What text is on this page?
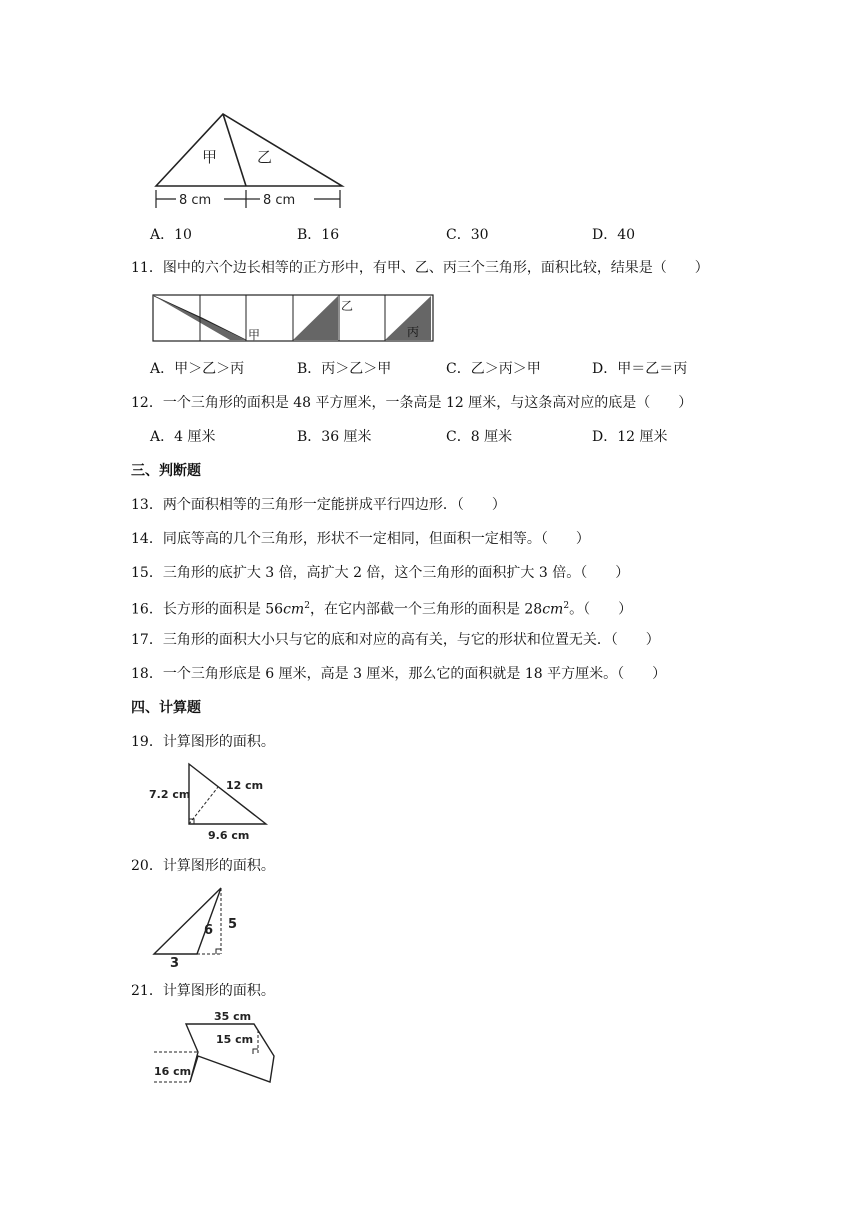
甲	乙
8 cm	8 cm
A．10	B．16	C．30	D．40
11．图中的六个边长相等的正方形中，有甲、乙、丙三个三角形，面积比较，结果是（　　）
甲
乙
丙
A．甲＞乙＞丙	B．丙＞乙＞甲	C．乙＞丙＞甲	D．甲＝乙＝丙
12．一个三角形的面积是 48 平方厘米，一条高是 12 厘米，与这条高对应的底是（　　）
A．4 厘米	B．36 厘米	C．8 厘米	D．12 厘米
三、判断题
13．两个面积相等的三角形一定能拼成平行四边形．（　　）
14．同底等高的几个三角形，形状不一定相同，但面积一定相等。（　　）
15．三角形的底扩大 3 倍，高扩大 2 倍，这个三角形的面积扩大 3 倍。（　　）
16．长方形的面积是 $56cm^2$，在它内部截一个三角形的面积是 $28cm^2$。（　　）
17．三角形的面积大小只与它的底和对应的高有关，与它的形状和位置无关．（　　）
18．一个三角形底是 6 厘米，高是 3 厘米，那么它的面积就是 18 平方厘米。（　　）
四、计算题
19．计算图形的面积。
7.2 cm
12 cm
9.6 cm
20．计算图形的面积。
3
6 5
21．计算图形的面积。
35 cm
15 cm
16 cm
